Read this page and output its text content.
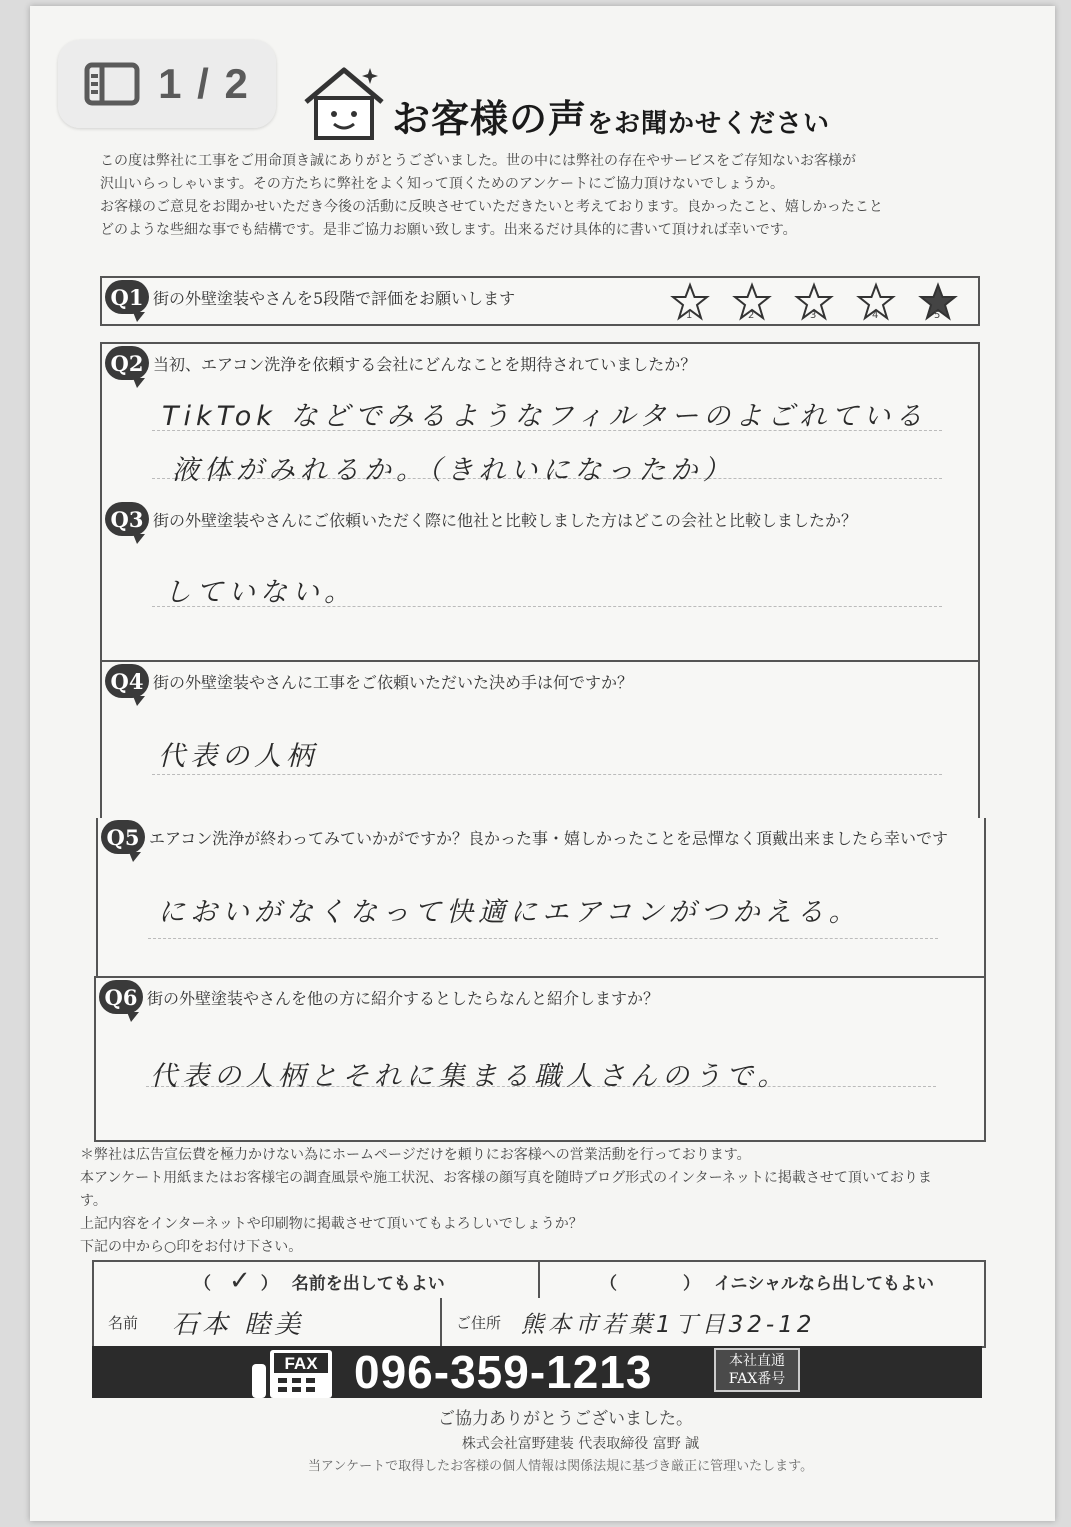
1 / 2
お客様の声をお聞かせください

この度は弊社に工事をご用命頂き誠にありがとうございました。世の中には弊社の存在やサービスをご存知ないお客様が

沢山いらっしゃいます。その方たちに弊社をよく知って頂くためのアンケートにご協力頂けないでしょうか。

お客様のご意見をお聞かせいただき今後の活動に反映させていただきたいと考えております。良かったこと、嬉しかったこと

どのような些細な事でも結構です。是非ご協力お願い致します。出来るだけ具体的に書いて頂ければ幸いです。

Q1 街の外壁塗装やさんを5段階で評価をお願いします
1	2	3	4	5
Q2 当初、エアコン洗浄を依頼する会社にどんなことを期待されていましたか？
TikTok などでみるようなフィルターのよごれている
液体がみれるか。（きれいになったか）
Q3 街の外壁塗装やさんにご依頼いただく際に他社と比較しました方はどこの会社と比較しましたか？
していない。
Q4 街の外壁塗装やさんに工事をご依頼いただいた決め手は何ですか？
代表の人柄
Q5 エアコン洗浄が終わってみていかがですか？良かった事・嬉しかったことを忌憚なく頂戴出来ましたら幸いです
においがなくなって快適にエアコンがつかえる。
Q6 街の外壁塗装やさんを他の方に紹介するとしたらなんと紹介しますか？
代表の人柄とそれに集まる職人さんのうで。

＊弊社は広告宣伝費を極力かけない為にホームページだけを頼りにお客様への営業活動を行っております。

本アンケート用紙またはお客様宅の調査風景や施工状況、お客様の顔写真を随時ブログ形式のインターネットに掲載させて頂いておりま

す。

上記内容をインターネットや印刷物に掲載させて頂いてもよろしいでしょうか？

下記の中から○印をお付け下さい。

（ ✓ ） 名前を出してもよい	（	） イニシャルなら出してもよい
名前	石本 睦美	ご住所 熊本市若葉1丁目32-12
FAX 096-359-1213	本社直通
FAX番号
ご協力ありがとうございました。
株式会社富野建装 代表取締役 富野 誠
当アンケートで取得したお客様の個人情報は関係法規に基づき厳正に管理いたします。
